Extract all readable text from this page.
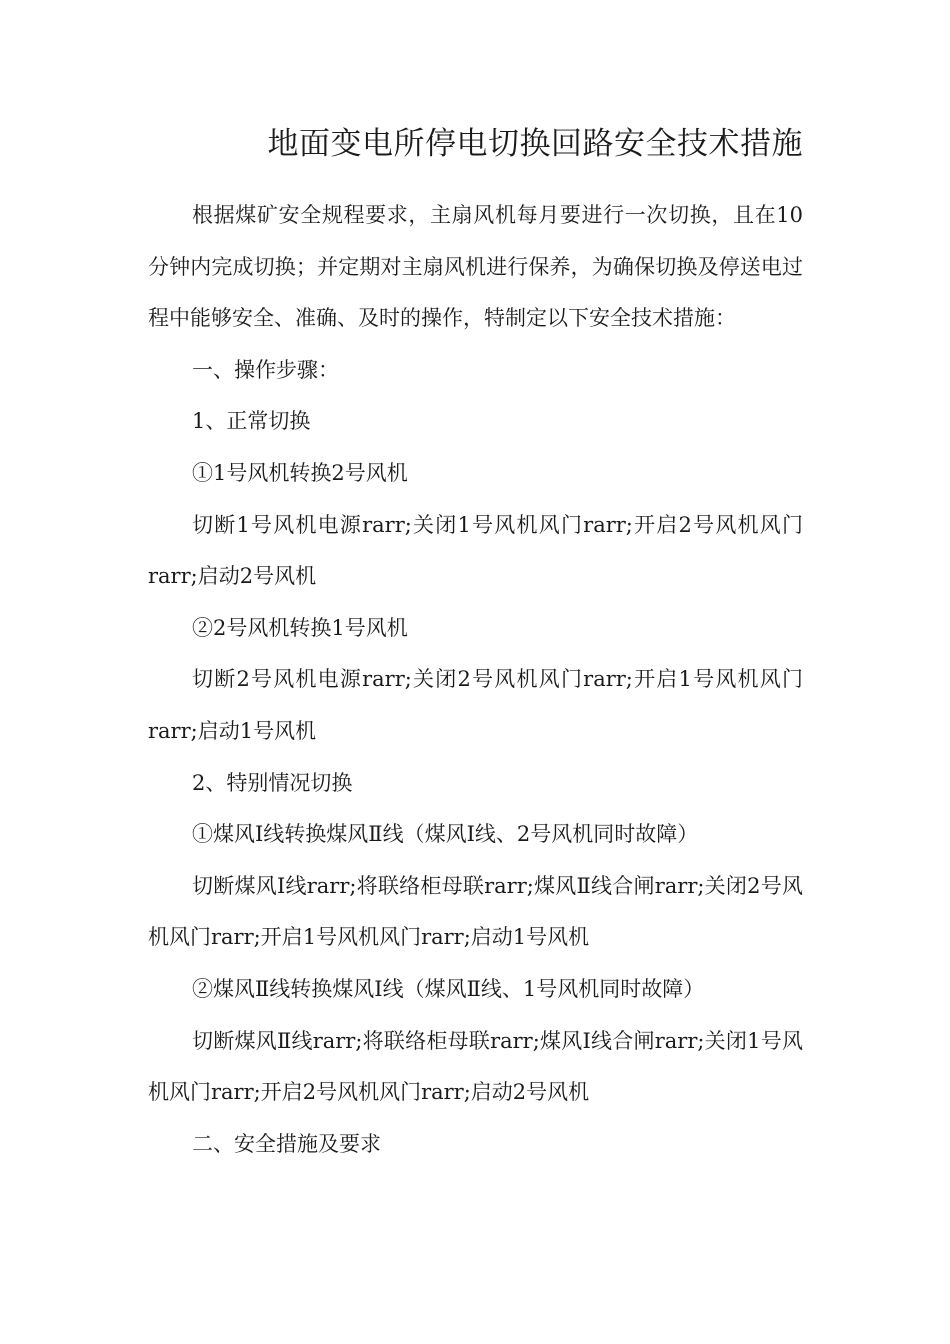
地面变电所停电切换回路安全技术措施

根据煤矿安全规程要求，主扇风机每月要进行一次切换，且在10分钟内完成切换；并定期对主扇风机进行保养，为确保切换及停送电过程中能够安全、准确、及时的操作，特制定以下安全技术措施：

一、操作步骤：

1、正常切换

①1号风机转换2号风机

切断1号风机电源rarr;关闭1号风机风门rarr;开启2号风机风门rarr;启动2号风机

②2号风机转换1号风机

切断2号风机电源rarr;关闭2号风机风门rarr;开启1号风机风门rarr;启动1号风机

2、特别情况切换

①煤风Ⅰ线转换煤风Ⅱ线（煤风Ⅰ线、2号风机同时故障）

切断煤风Ⅰ线rarr;将联络柜母联rarr;煤风Ⅱ线合闸rarr;关闭2号风机风门rarr;开启1号风机风门rarr;启动1号风机

②煤风Ⅱ线转换煤风Ⅰ线（煤风Ⅱ线、1号风机同时故障）

切断煤风Ⅱ线rarr;将联络柜母联rarr;煤风Ⅰ线合闸rarr;关闭1号风机风门rarr;开启2号风机风门rarr;启动2号风机

二、安全措施及要求
